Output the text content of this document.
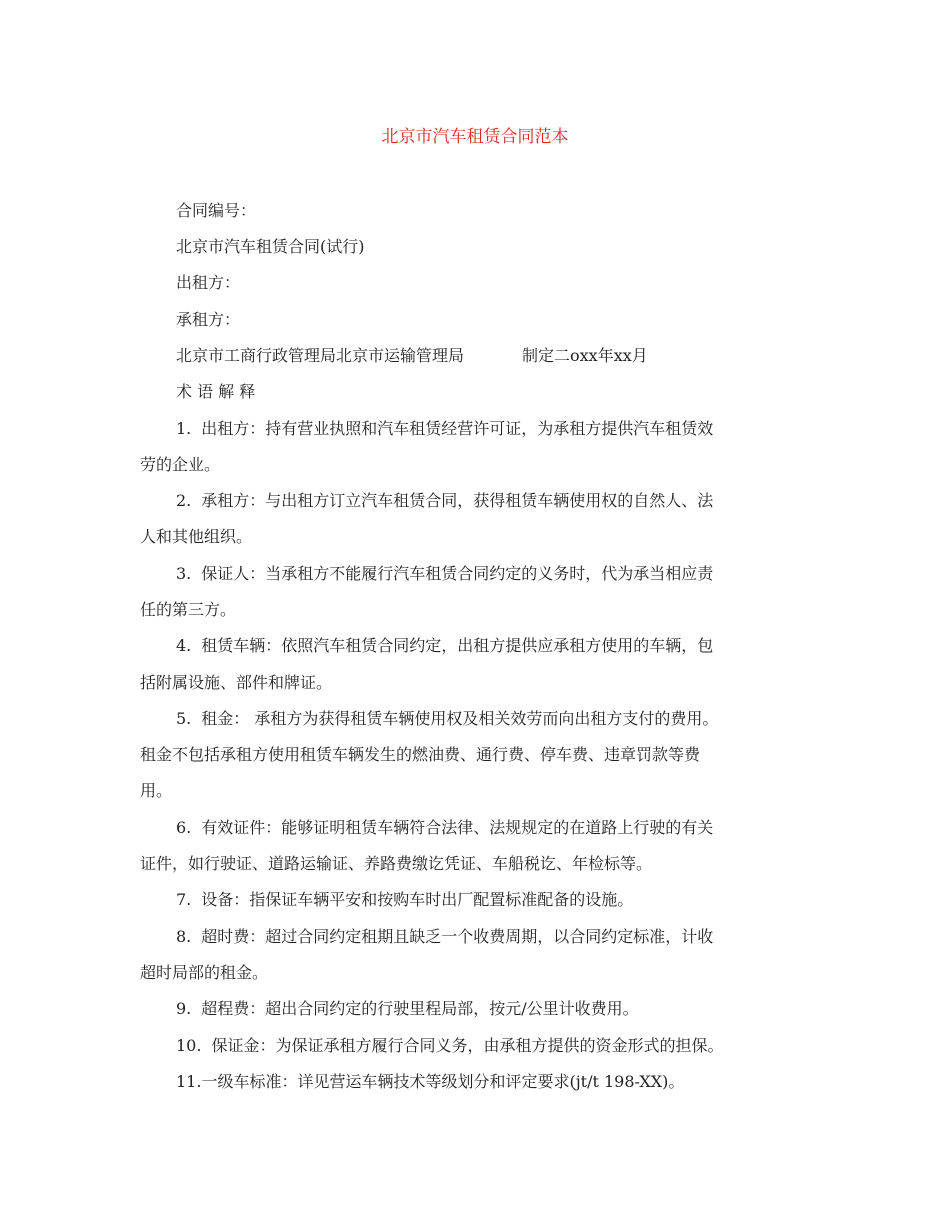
北京市汽车租赁合同范本
合同编号：
北京市汽车租赁合同(试行)
出租方：
承租方：
北京市工商行政管理局北京市运输管理局	制定二oxx年xx月
术 语 解 释
1. 出租方：持有营业执照和汽车租赁经营许可证，为承租方提供汽车租赁效
劳的企业。
2. 承租方：与出租方订立汽车租赁合同，获得租赁车辆使用权的自然人、法
人和其他组织。
3. 保证人：当承租方不能履行汽车租赁合同约定的义务时，代为承当相应责
任的第三方。
4. 租赁车辆：依照汽车租赁合同约定，出租方提供应承租方使用的车辆，包
括附属设施、部件和牌证。
5. 租金： 承租方为获得租赁车辆使用权及相关效劳而向出租方支付的费用。
租金不包括承租方使用租赁车辆发生的燃油费、通行费、停车费、违章罚款等费
用。
6. 有效证件：能够证明租赁车辆符合法律、法规规定的在道路上行驶的有关
证件，如行驶证、道路运输证、养路费缴讫凭证、车船税讫、年检标等。
7. 设备：指保证车辆平安和按购车时出厂配置标准配备的设施。
8. 超时费：超过合同约定租期且缺乏一个收费周期，以合同约定标准，计收
超时局部的租金。
9. 超程费：超出合同约定的行驶里程局部，按元/公里计收费用。
10. 保证金：为保证承租方履行合同义务，由承租方提供的资金形式的担保。
11.一级车标准：详见营运车辆技术等级划分和评定要求(jt/t 198-XX)。
